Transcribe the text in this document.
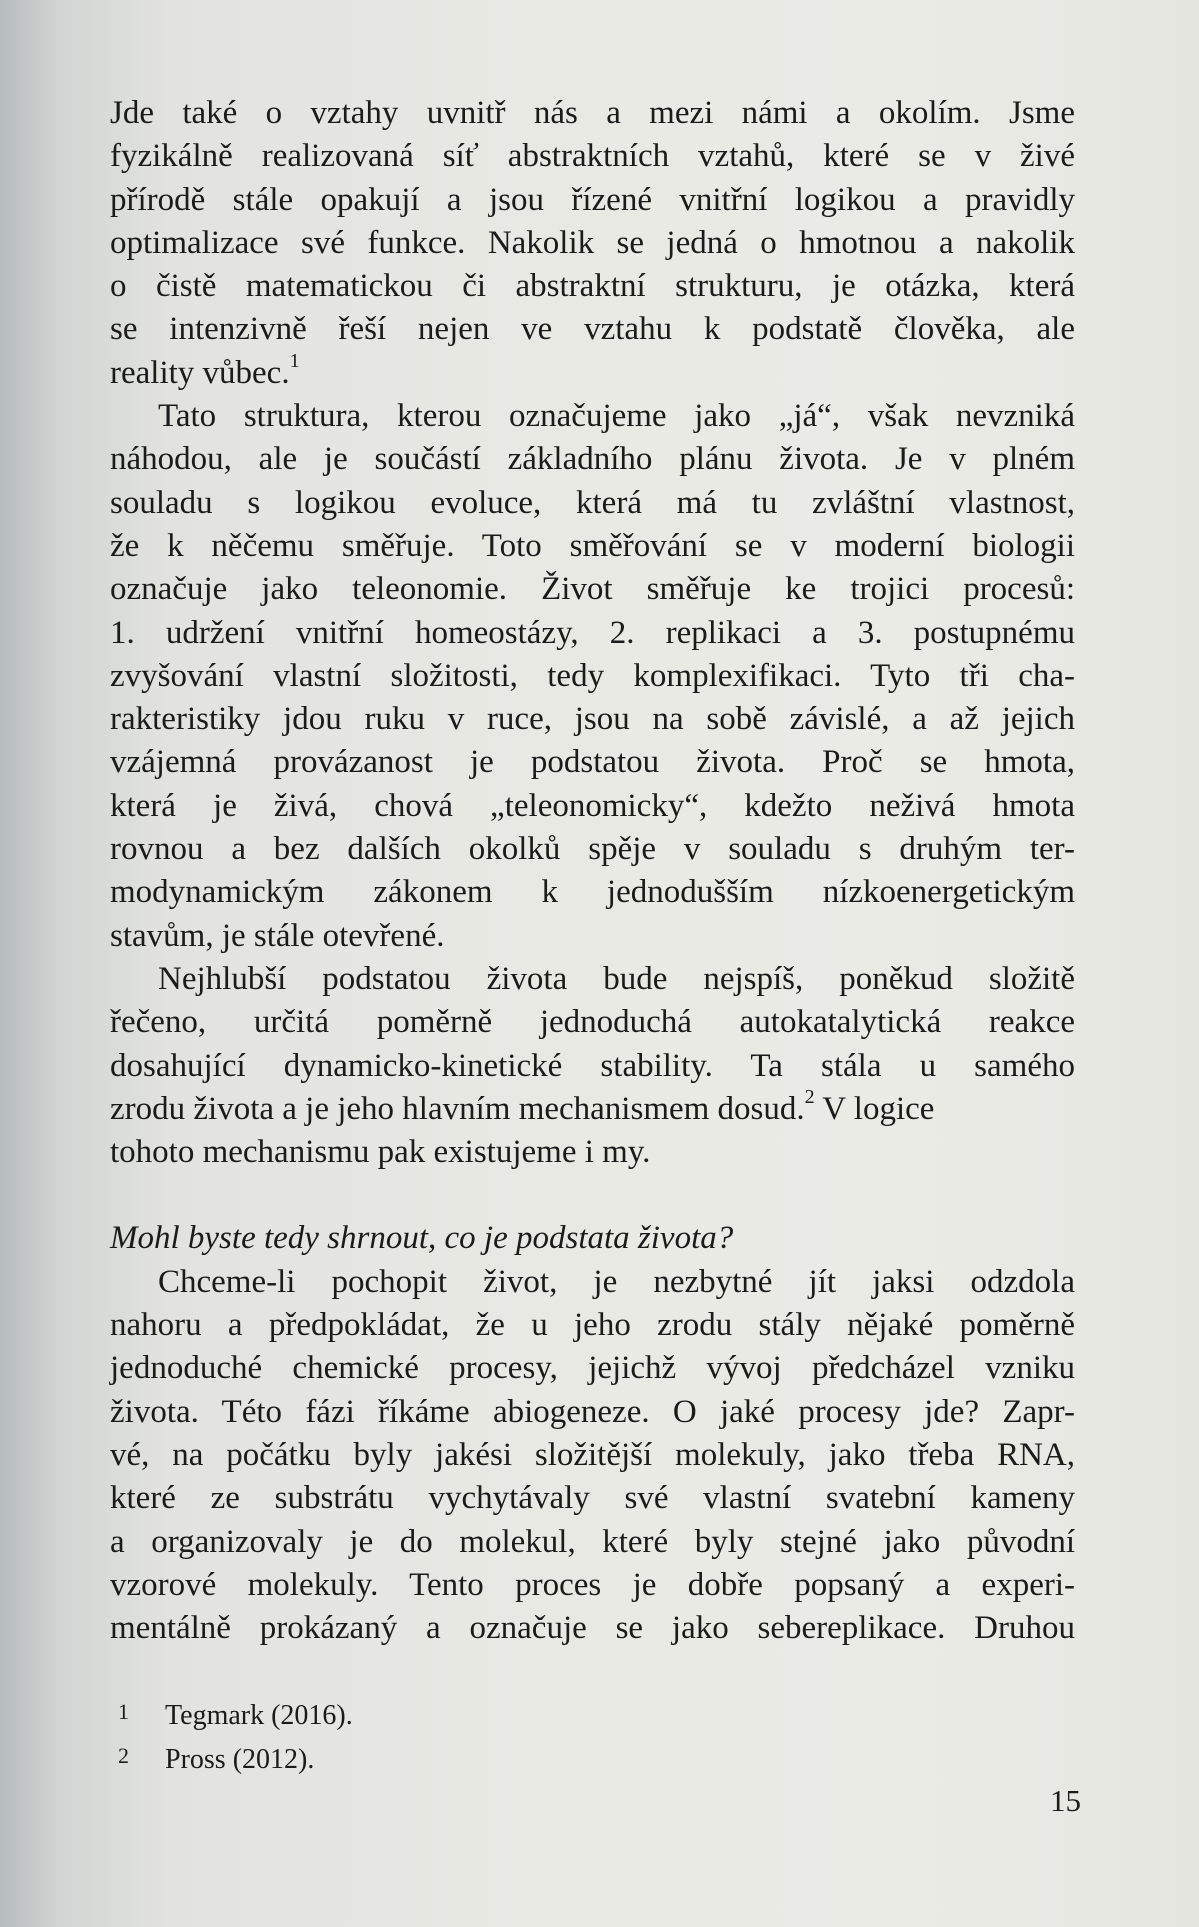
Jde také o vztahy uvnitř nás a mezi námi a okolím. Jsme
fyzikálně realizovaná síť abstraktních vztahů, které se v živé
přírodě stále opakují a jsou řízené vnitřní logikou a pravidly
optimalizace své funkce. Nakolik se jedná o hmotnou a nakolik
o čistě matematickou či abstraktní strukturu, je otázka, která
se intenzivně řeší nejen ve vztahu k podstatě člověka, ale
reality vůbec.$^1$
Tato struktura, kterou označujeme jako „já“, však nevzniká
náhodou, ale je součástí základního plánu života. Je v plném
souladu s logikou evoluce, která má tu zvláštní vlastnost,
že k něčemu směřuje. Toto směřování se v moderní biologii
označuje jako teleonomie. Život směřuje ke trojici procesů:
1. udržení vnitřní homeostázy, 2. replikaci a 3. postupnému
zvyšování vlastní složitosti, tedy komplexifikaci. Tyto tři cha-
rakteristiky jdou ruku v ruce, jsou na sobě závislé, a až jejich
vzájemná provázanost je podstatou života. Proč se hmota,
která je živá, chová „teleonomicky“, kdežto neživá hmota
rovnou a bez dalších okolků spěje v souladu s druhým ter-
modynamickým zákonem k jednodušším nízkoenergetickým
stavům, je stále otevřené.
Nejhlubší podstatou života bude nejspíš, poněkud složitě
řečeno, určitá poměrně jednoduchá autokatalytická reakce
dosahující dynamicko-kinetické stability. Ta stála u samého
zrodu života a je jeho hlavním mechanismem dosud.$^2$ V logice
tohoto mechanismu pak existujeme i my.
Mohl byste tedy shrnout, co je podstata života?
Chceme-li pochopit život, je nezbytné jít jaksi odzdola
nahoru a předpokládat, že u jeho zrodu stály nějaké poměrně
jednoduché chemické procesy, jejichž vývoj předcházel vzniku
života. Této fázi říkáme abiogeneze. O jaké procesy jde? Zapr-
vé, na počátku byly jakési složitější molekuly, jako třeba RNA,
které ze substrátu vychytávaly své vlastní svatební kameny
a organizovaly je do molekul, které byly stejné jako původní
vzorové molekuly. Tento proces je dobře popsaný a experi-
mentálně prokázaný a označuje se jako sebereplikace. Druhou
1 Tegmark (2016).
2 Pross (2012).
15
